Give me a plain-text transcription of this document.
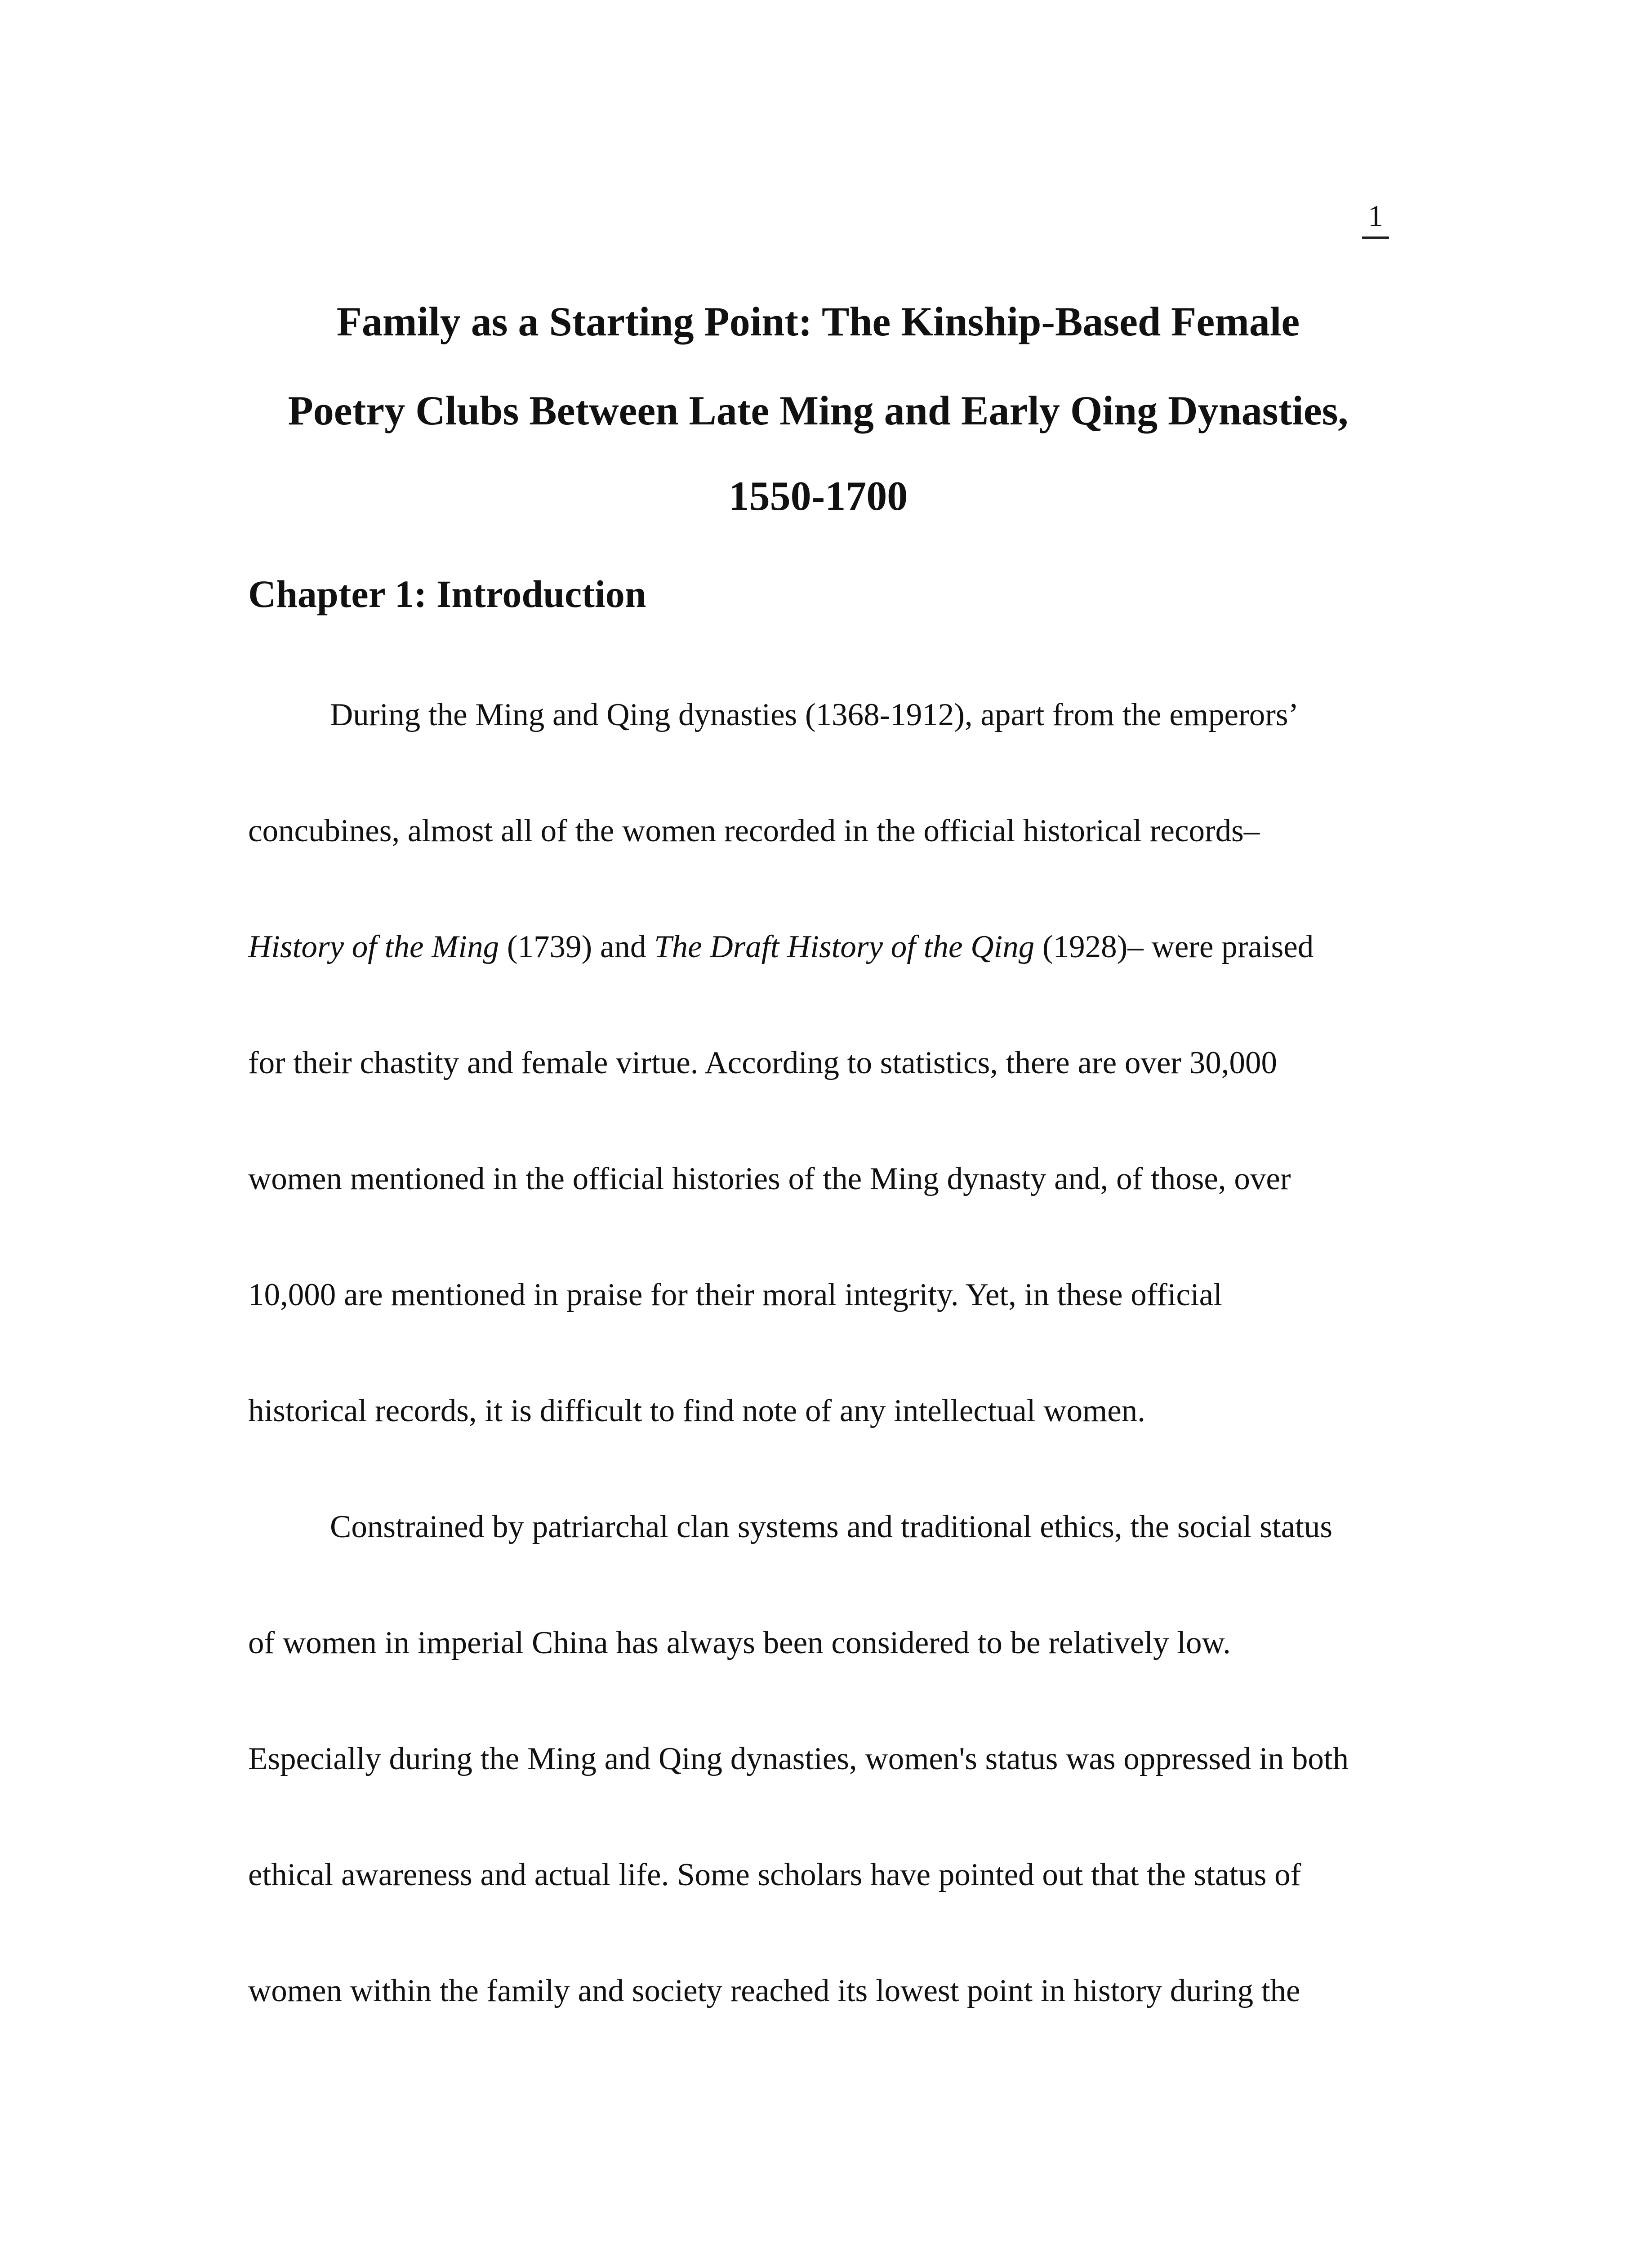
1
Family as a Starting Point: The Kinship-Based Female
Poetry Clubs Between Late Ming and Early Qing Dynasties,
1550-1700
Chapter 1: Introduction

During the Ming and Qing dynasties (1368-1912), apart from the emperors’

concubines, almost all of the women recorded in the official historical records–

History of the Ming (1739) and The Draft History of the Qing (1928)– were praised

for their chastity and female virtue. According to statistics, there are over 30,000

women mentioned in the official histories of the Ming dynasty and, of those, over

10,000 are mentioned in praise for their moral integrity. Yet, in these official

historical records, it is difficult to find note of any intellectual women.

Constrained by patriarchal clan systems and traditional ethics, the social status

of women in imperial China has always been considered to be relatively low.

Especially during the Ming and Qing dynasties, women's status was oppressed in both

ethical awareness and actual life. Some scholars have pointed out that the status of

women within the family and society reached its lowest point in history during the
